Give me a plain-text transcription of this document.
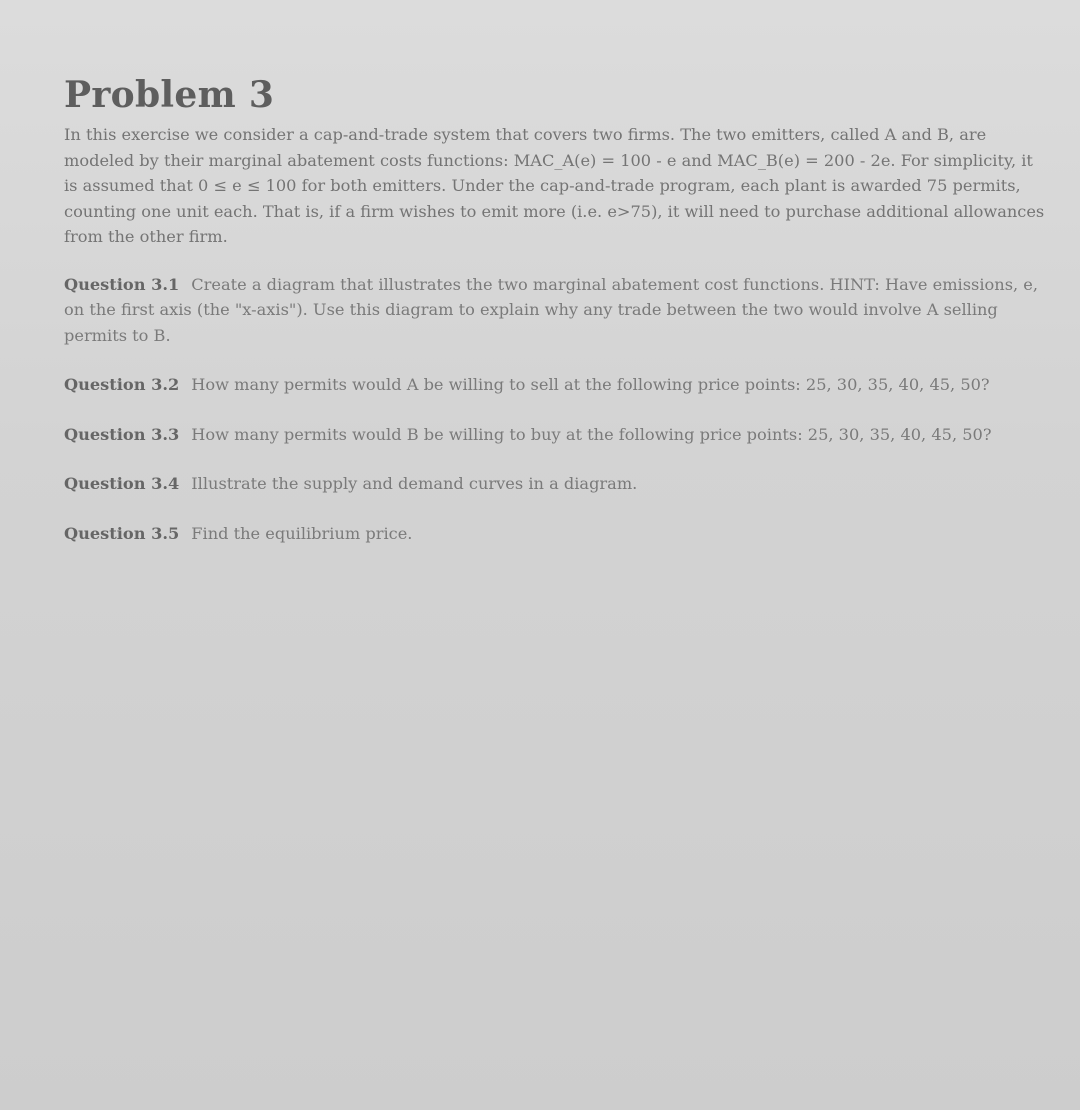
Problem 3

In this exercise we consider a cap-and-trade system that covers two firms. The two emitters, called A and B, are modeled by their marginal abatement costs functions: MAC_A(e) = 100 - e and MAC_B(e) = 200 - 2e. For simplicity, it is assumed that 0 ≤ e ≤ 100 for both emitters. Under the cap-and-trade program, each plant is awarded 75 permits, counting one unit each. That is, if a firm wishes to emit more (i.e. e>75), it will need to purchase additional allowances from the other firm.

Question 3.1 Create a diagram that illustrates the two marginal abatement cost functions. HINT: Have emissions, e, on the first axis (the "x-axis"). Use this diagram to explain why any trade between the two would involve A selling permits to B.

Question 3.2 How many permits would A be willing to sell at the following price points: 25, 30, 35, 40, 45, 50?

Question 3.3 How many permits would B be willing to buy at the following price points: 25, 30, 35, 40, 45, 50?

Question 3.4 Illustrate the supply and demand curves in a diagram.

Question 3.5 Find the equilibrium price.
